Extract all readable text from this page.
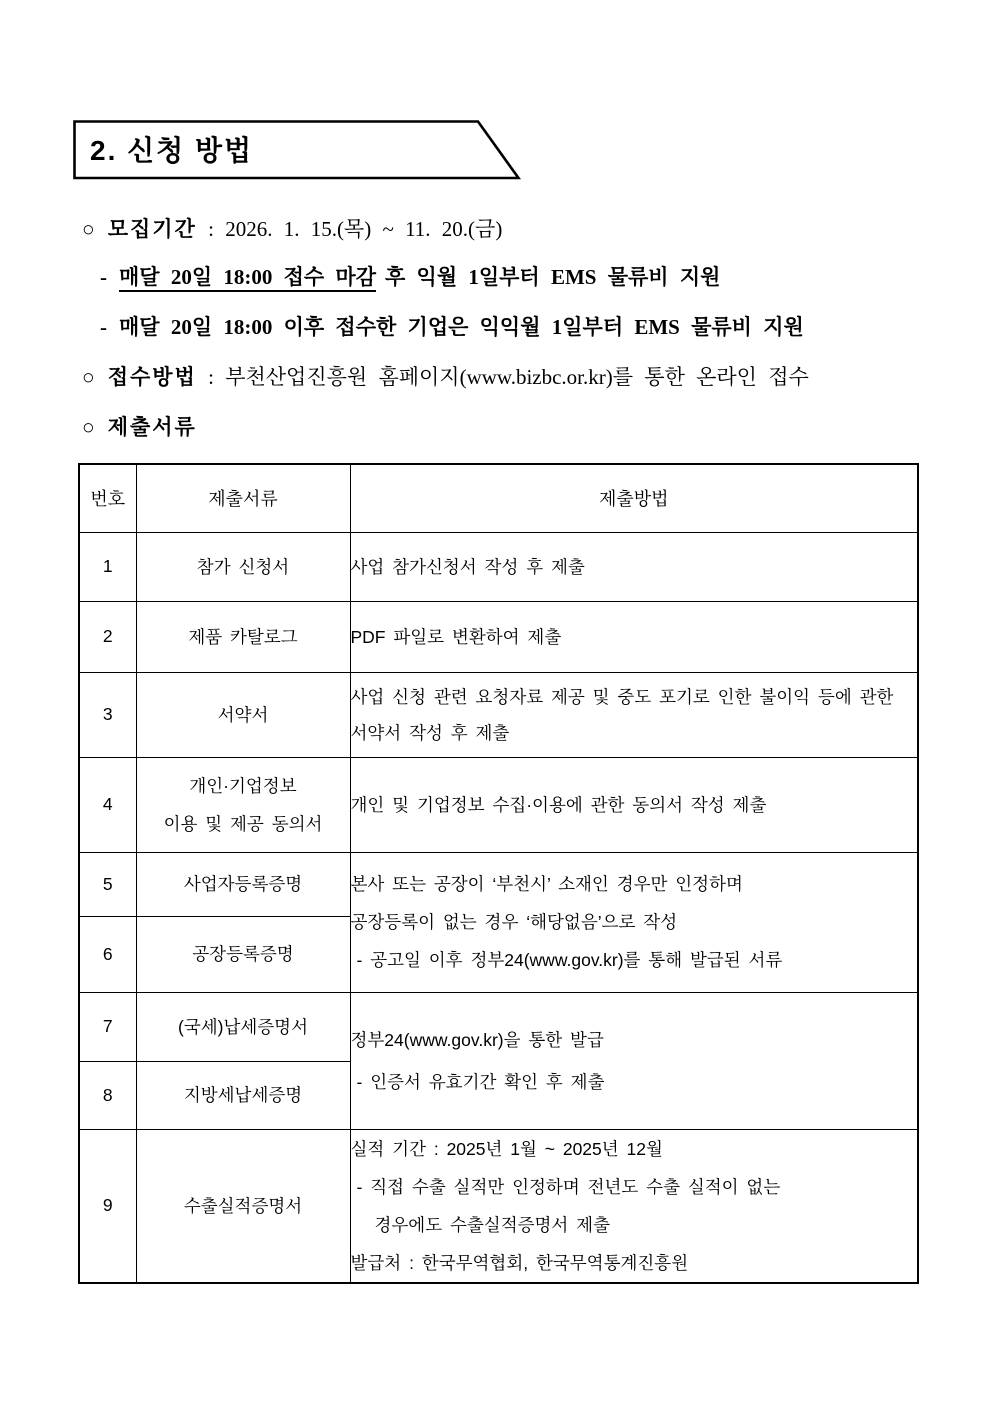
2. 신청 방법
○ 모집기간 : 2026. 1. 15.(목) ~ 11. 20.(금)
- 매달 20일 18:00 접수 마감 후 익월 1일부터 EMS 물류비 지원
- 매달 20일 18:00 이후 접수한 기업은 익익월 1일부터 EMS 물류비 지원
○ 접수방법 : 부천산업진흥원 홈페이지(www.bizbc.or.kr)를 통한 온라인 접수
○ 제출서류
번호	제출서류	제출방법
1	참가 신청서	사업 참가신청서 작성 후 제출
2	제품 카탈로그	PDF 파일로 변환하여 제출
3	서약서	사업 신청 관련 요청자료 제공 및 중도 포기로 인한 불이익 등에 관한 서약서 작성 후 제출
4	개인·기업정보
이용 및 제공 동의서	개인 및 기업정보 수집·이용에 관한 동의서 작성 제출
5	사업자등록증명	본사 또는 공장이 ‘부천시’ 소재인 경우만 인정하며
공장등록이 없는 경우 ‘해당없음’으로 작성
- 공고일 이후 정부24(www.gov.kr)를 통해 발급된 서류

6	공장등록증명	
7	(국세)납세증명서	정부24(www.gov.kr)을 통한 발급
- 인증서 유효기간 확인 후 제출

8	지방세납세증명	
9	수출실적증명서	실적 기간 : 2025년 1월 ~ 2025년 12월
- 직접 수출 실적만 인정하며 전년도 수출 실적이 없는
경우에도 수출실적증명서 제출
발급처 : 한국무역협회, 한국무역통계진흥원
